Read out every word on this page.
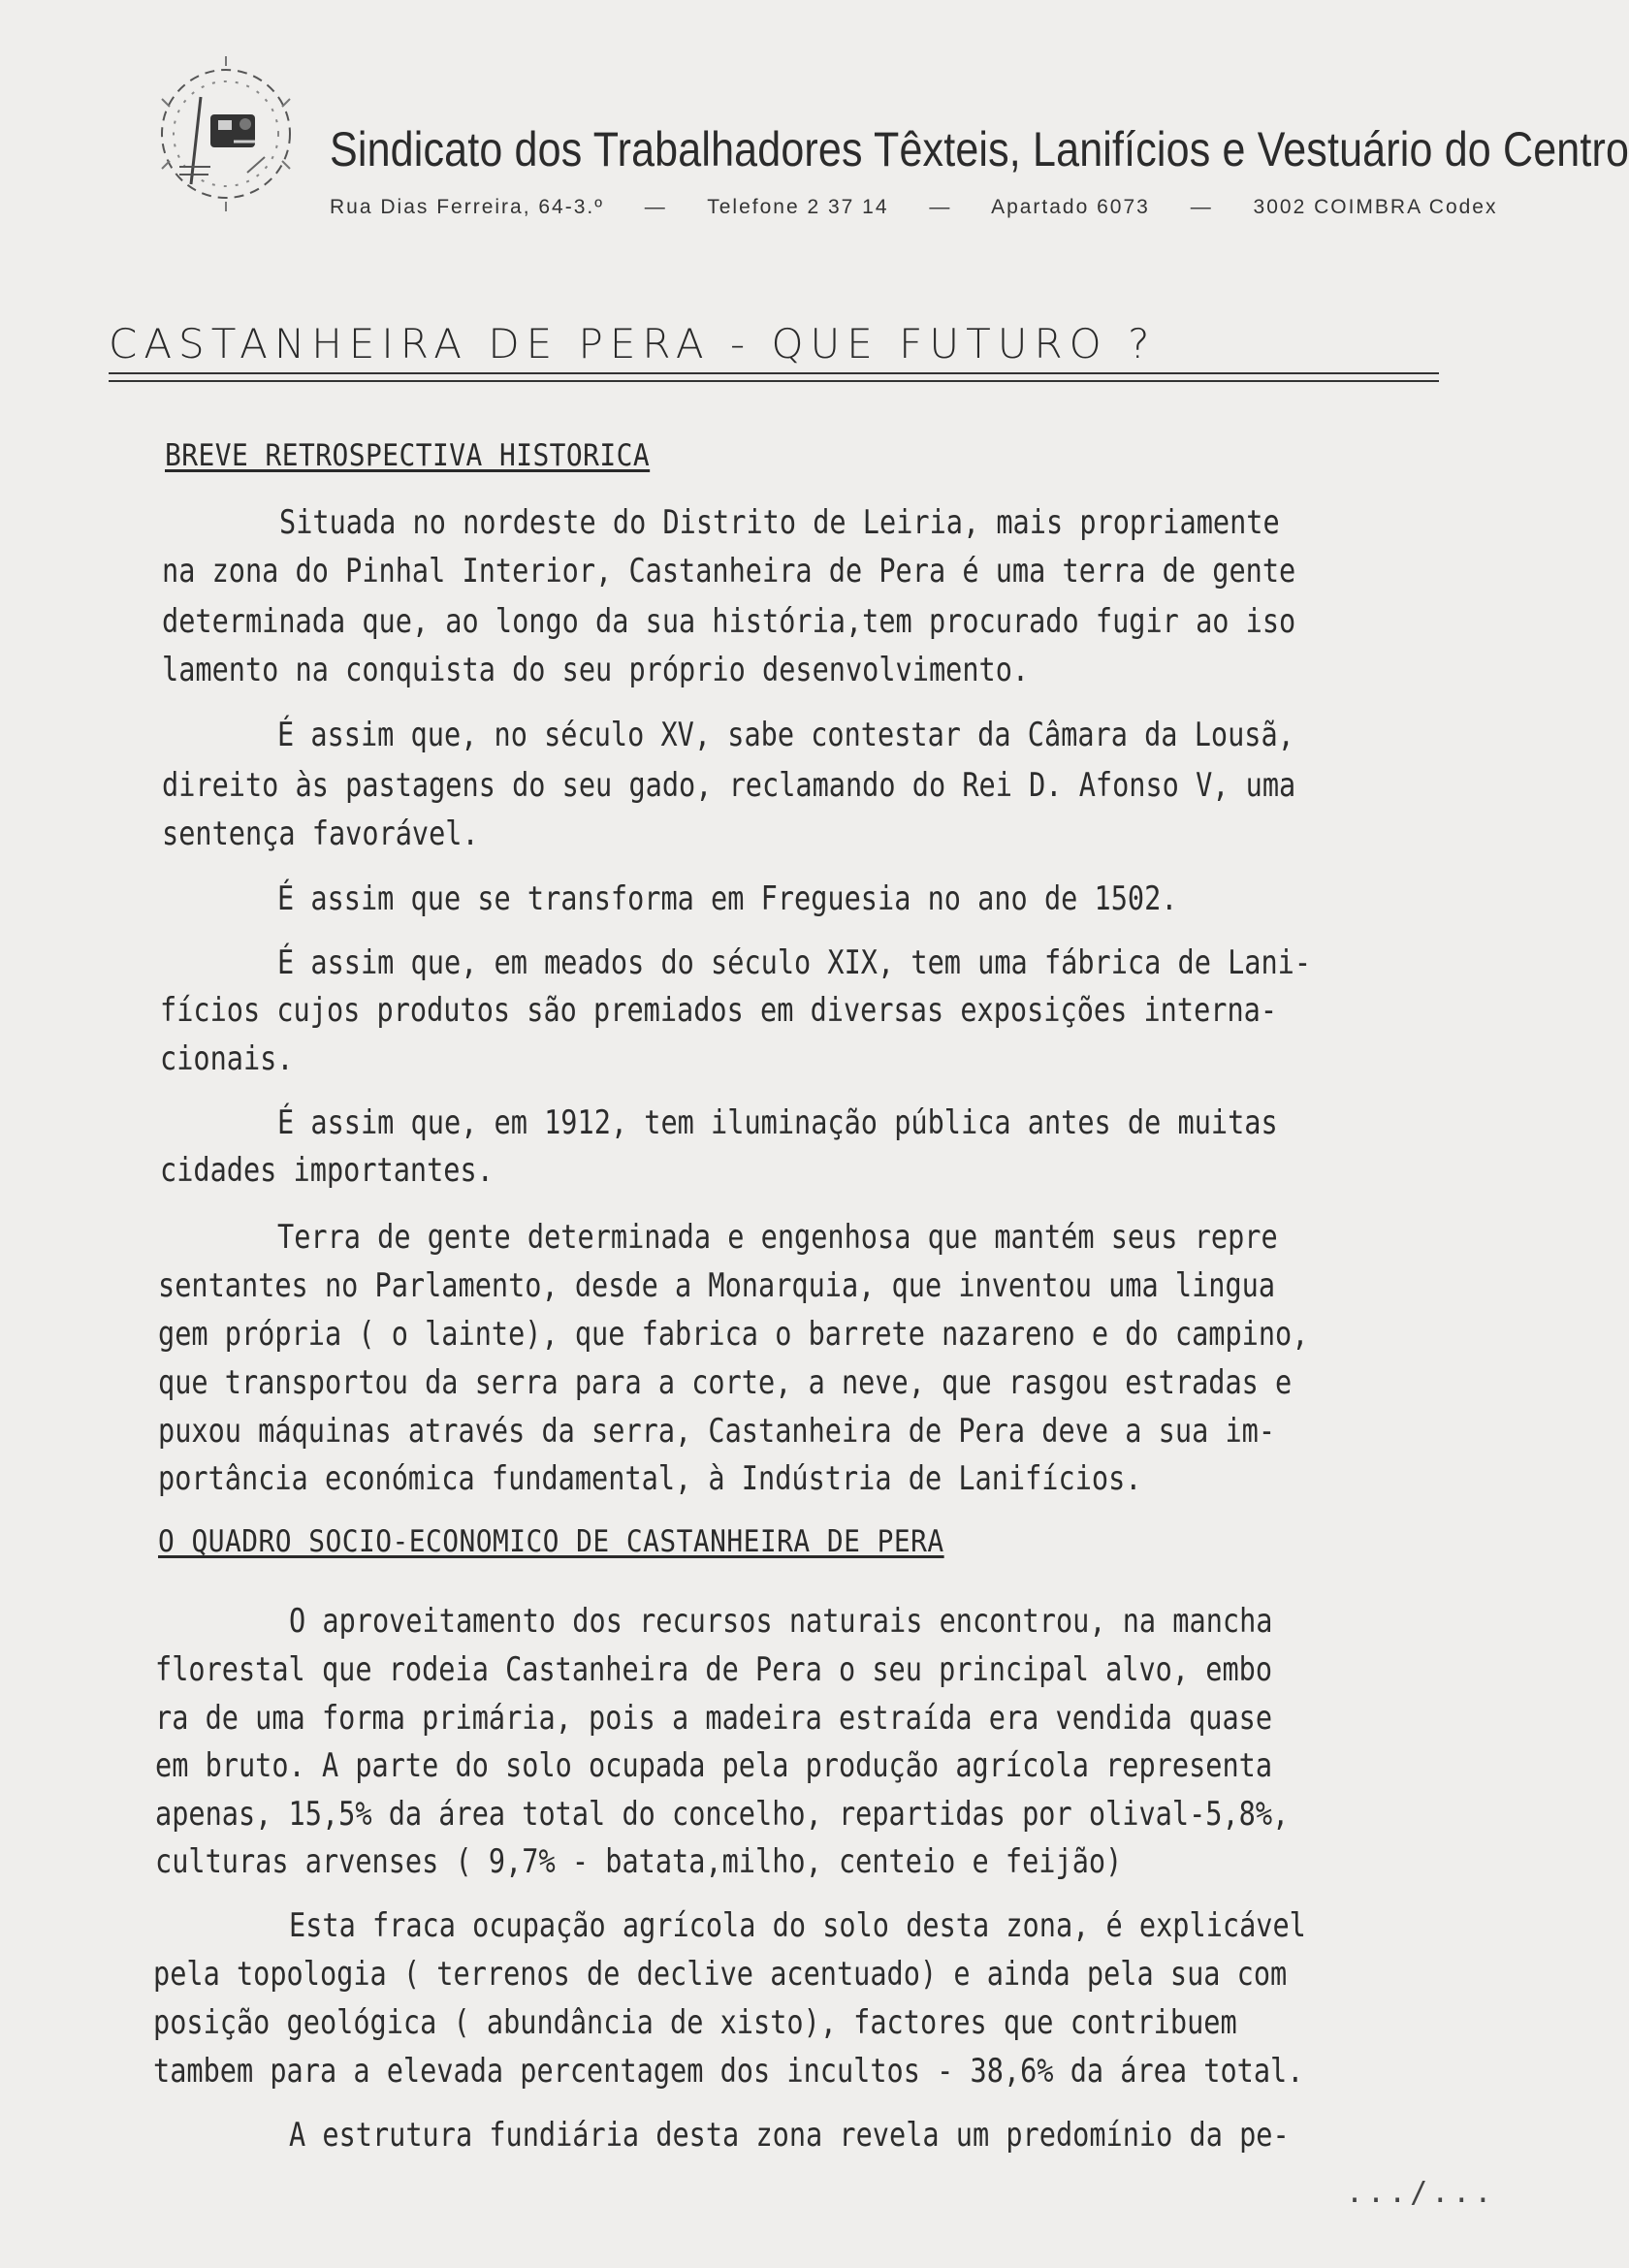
Sindicato dos Trabalhadores Têxteis, Lanifícios e Vestuário do Centro
Rua Dias Ferreira, 64-3.º — Telefone 2 37 14 — Apartado 6073 — 3002 COIMBRA Codex
CASTANHEIRA DE PERA - QUE FUTURO ?
BREVE RETROSPECTIVA HISTORICA
Situada no nordeste do Distrito de Leiria, mais propriamente
na zona do Pinhal Interior, Castanheira de Pera é uma terra de gente
determinada que, ao longo da sua história,tem procurado fugir ao iso
lamento na conquista do seu próprio desenvolvimento.
É assim que, no século XV, sabe contestar da Câmara da Lousã,
direito às pastagens do seu gado, reclamando do Rei D. Afonso V, uma
sentença favorável.
É assim que se transforma em Freguesia no ano de 1502.
É assim que, em meados do século XIX, tem uma fábrica de Lani-
fícios cujos produtos são premiados em diversas exposições interna-
cionais.
É assim que, em 1912, tem iluminação pública antes de muitas
cidades importantes.
Terra de gente determinada e engenhosa que mantém seus repre
sentantes no Parlamento, desde a Monarquia, que inventou uma lingua
gem própria ( o lainte), que fabrica o barrete nazareno e do campino,
que transportou da serra para a corte, a neve, que rasgou estradas e
puxou máquinas através da serra, Castanheira de Pera deve a sua im-
portância económica fundamental, à Indústria de Lanifícios.
O QUADRO SOCIO-ECONOMICO DE CASTANHEIRA DE PERA
O aproveitamento dos recursos naturais encontrou, na mancha
florestal que rodeia Castanheira de Pera o seu principal alvo, embo
ra de uma forma primária, pois a madeira estraída era vendida quase
em bruto. A parte do solo ocupada pela produção agrícola representa
apenas, 15,5% da área total do concelho, repartidas por olival-5,8%,
culturas arvenses ( 9,7% - batata,milho, centeio e feijão)
Esta fraca ocupação agrícola do solo desta zona, é explicável
pela topologia ( terrenos de declive acentuado) e ainda pela sua com
posição geológica ( abundância de xisto), factores que contribuem
tambem para a elevada percentagem dos incultos - 38,6% da área total.
A estrutura fundiária desta zona revela um predomínio da pe-
.../...
